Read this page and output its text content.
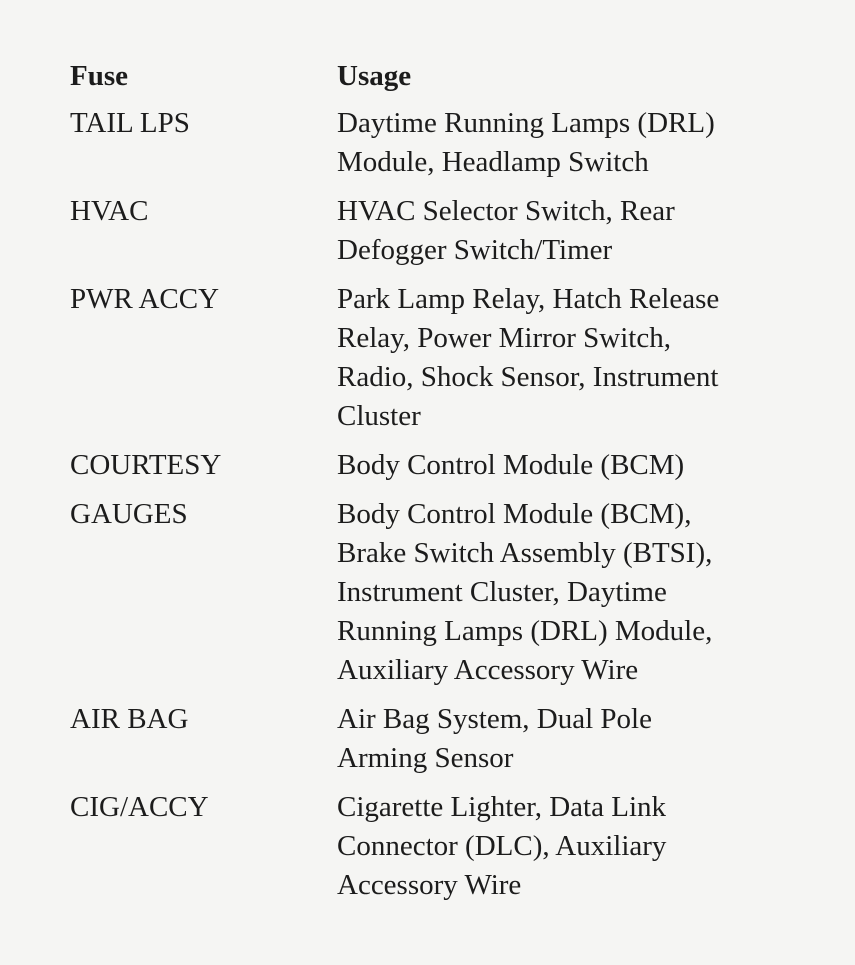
Fuse	Usage
TAIL LPS	Daytime Running Lamps (DRL)
Module, Headlamp Switch
HVAC	HVAC Selector Switch, Rear
Defogger Switch/Timer
PWR ACCY	Park Lamp Relay, Hatch Release
Relay, Power Mirror Switch,
Radio, Shock Sensor, Instrument
Cluster
COURTESY	Body Control Module (BCM)
GAUGES	Body Control Module (BCM),
Brake Switch Assembly (BTSI),
Instrument Cluster, Daytime
Running Lamps (DRL) Module,
Auxiliary Accessory Wire
AIR BAG	Air Bag System, Dual Pole
Arming Sensor
CIG/ACCY	Cigarette Lighter, Data Link
Connector (DLC), Auxiliary
Accessory Wire
